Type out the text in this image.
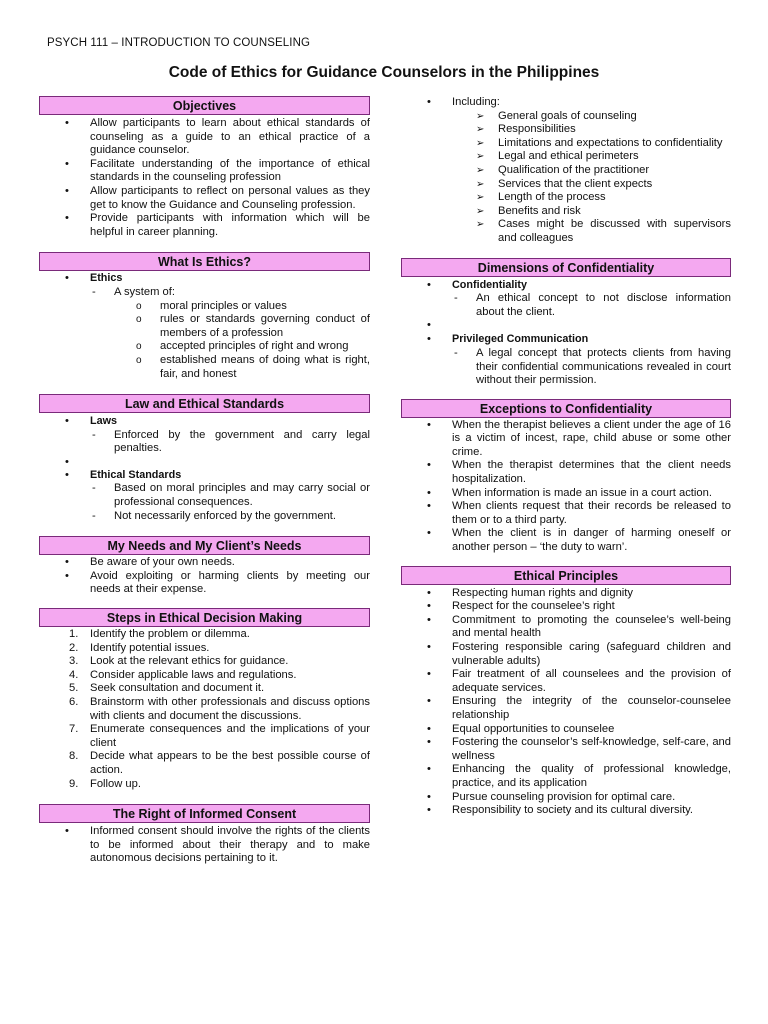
PSYCH 111 – INTRODUCTION TO COUNSELING
Code of Ethics for Guidance Counselors in the Philippines
Objectives
• Allow participants to learn about ethical standards of counseling as a guide to an ethical practice of a guidance counselor.
• Facilitate understanding of the importance of ethical standards in the counseling profession
• Allow participants to reflect on personal values as they get to know the Guidance and Counseling profession.
• Provide participants with information which will be helpful in career planning.
What Is Ethics?
• Ethics
- A system of:
o moral principles or values
o rules or standards governing conduct of members of a profession
o accepted principles of right and wrong
o established means of doing what is right, fair, and honest
Law and Ethical Standards
• Laws
- Enforced by the government and carry legal penalties.
•
• Ethical Standards
- Based on moral principles and may carry social or professional consequences.
- Not necessarily enforced by the government.
My Needs and My Client’s Needs
• Be aware of your own needs.
• Avoid exploiting or harming clients by meeting our needs at their expense.
Steps in Ethical Decision Making
1. Identify the problem or dilemma.
2. Identify potential issues.
3. Look at the relevant ethics for guidance.
4. Consider applicable laws and regulations.
5. Seek consultation and document it.
6. Brainstorm with other professionals and discuss options with clients and document the discussions.
7. Enumerate consequences and the implications of your client
8. Decide what appears to be the best possible course of action.
9. Follow up.
The Right of Informed Consent
• Informed consent should involve the rights of the clients to be informed about their therapy and to make autonomous decisions pertaining to it.
• Including:
➢ General goals of counseling
➢ Responsibilities
➢ Limitations and expectations to confidentiality
➢ Legal and ethical perimeters
➢ Qualification of the practitioner
➢ Services that the client expects
➢ Length of the process
➢ Benefits and risk
➢ Cases might be discussed with supervisors and colleagues
Dimensions of Confidentiality
• Confidentiality
- An ethical concept to not disclose information about the client.
•
• Privileged Communication
- A legal concept that protects clients from having their confidential communications revealed in court without their permission.
Exceptions to Confidentiality
• When the therapist believes a client under the age of 16 is a victim of incest, rape, child abuse or some other crime.
• When the therapist determines that the client needs hospitalization.
• When information is made an issue in a court action.
• When clients request that their records be released to them or to a third party.
• When the client is in danger of harming oneself or another person – ‘the duty to warn’.
Ethical Principles
• Respecting human rights and dignity
• Respect for the counselee’s right
• Commitment to promoting the counselee’s well-being and mental health
• Fostering responsible caring (safeguard children and vulnerable adults)
• Fair treatment of all counselees and the provision of adequate services.
• Ensuring the integrity of the counselor-counselee relationship
• Equal opportunities to counselee
• Fostering the counselor’s self-knowledge, self-care, and wellness
• Enhancing the quality of professional knowledge, practice, and its application
• Pursue counseling provision for optimal care.
• Responsibility to society and its cultural diversity.
